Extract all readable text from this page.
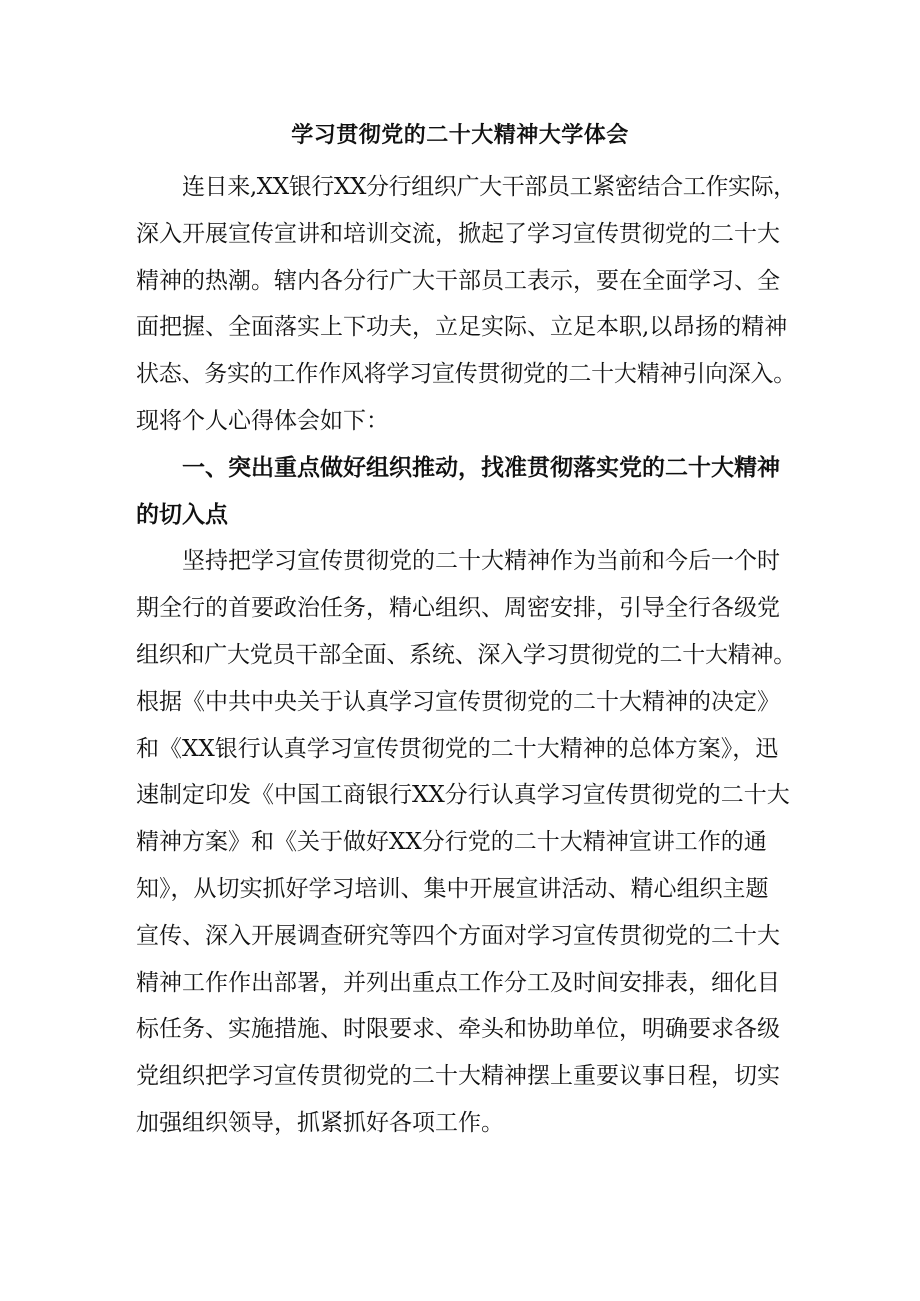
学习贯彻党的二十大精神大学体会
连日来,XX银行XX分行组织广大干部员工紧密结合工作实际，
深入开展宣传宣讲和培训交流，掀起了学习宣传贯彻党的二十大
精神的热潮。辖内各分行广大干部员工表示，要在全面学习、全
面把握、全面落实上下功夫，立足实际、立足本职,以昂扬的精神
状态、务实的工作作风将学习宣传贯彻党的二十大精神引向深入。
现将个人心得体会如下：
一、突出重点做好组织推动，找准贯彻落实党的二十大精神
的切入点
坚持把学习宣传贯彻党的二十大精神作为当前和今后一个时
期全行的首要政治任务，精心组织、周密安排，引导全行各级党
组织和广大党员干部全面、系统、深入学习贯彻党的二十大精神。
根据《中共中央关于认真学习宣传贯彻党的二十大精神的决定》
和《XX银行认真学习宣传贯彻党的二十大精神的总体方案》，迅
速制定印发《中国工商银行XX分行认真学习宣传贯彻党的二十大
精神方案》和《关于做好XX分行党的二十大精神宣讲工作的通
知》，从切实抓好学习培训、集中开展宣讲活动、精心组织主题
宣传、深入开展调查研究等四个方面对学习宣传贯彻党的二十大
精神工作作出部署，并列出重点工作分工及时间安排表，细化目
标任务、实施措施、时限要求、牵头和协助单位，明确要求各级
党组织把学习宣传贯彻党的二十大精神摆上重要议事日程，切实
加强组织领导，抓紧抓好各项工作。
